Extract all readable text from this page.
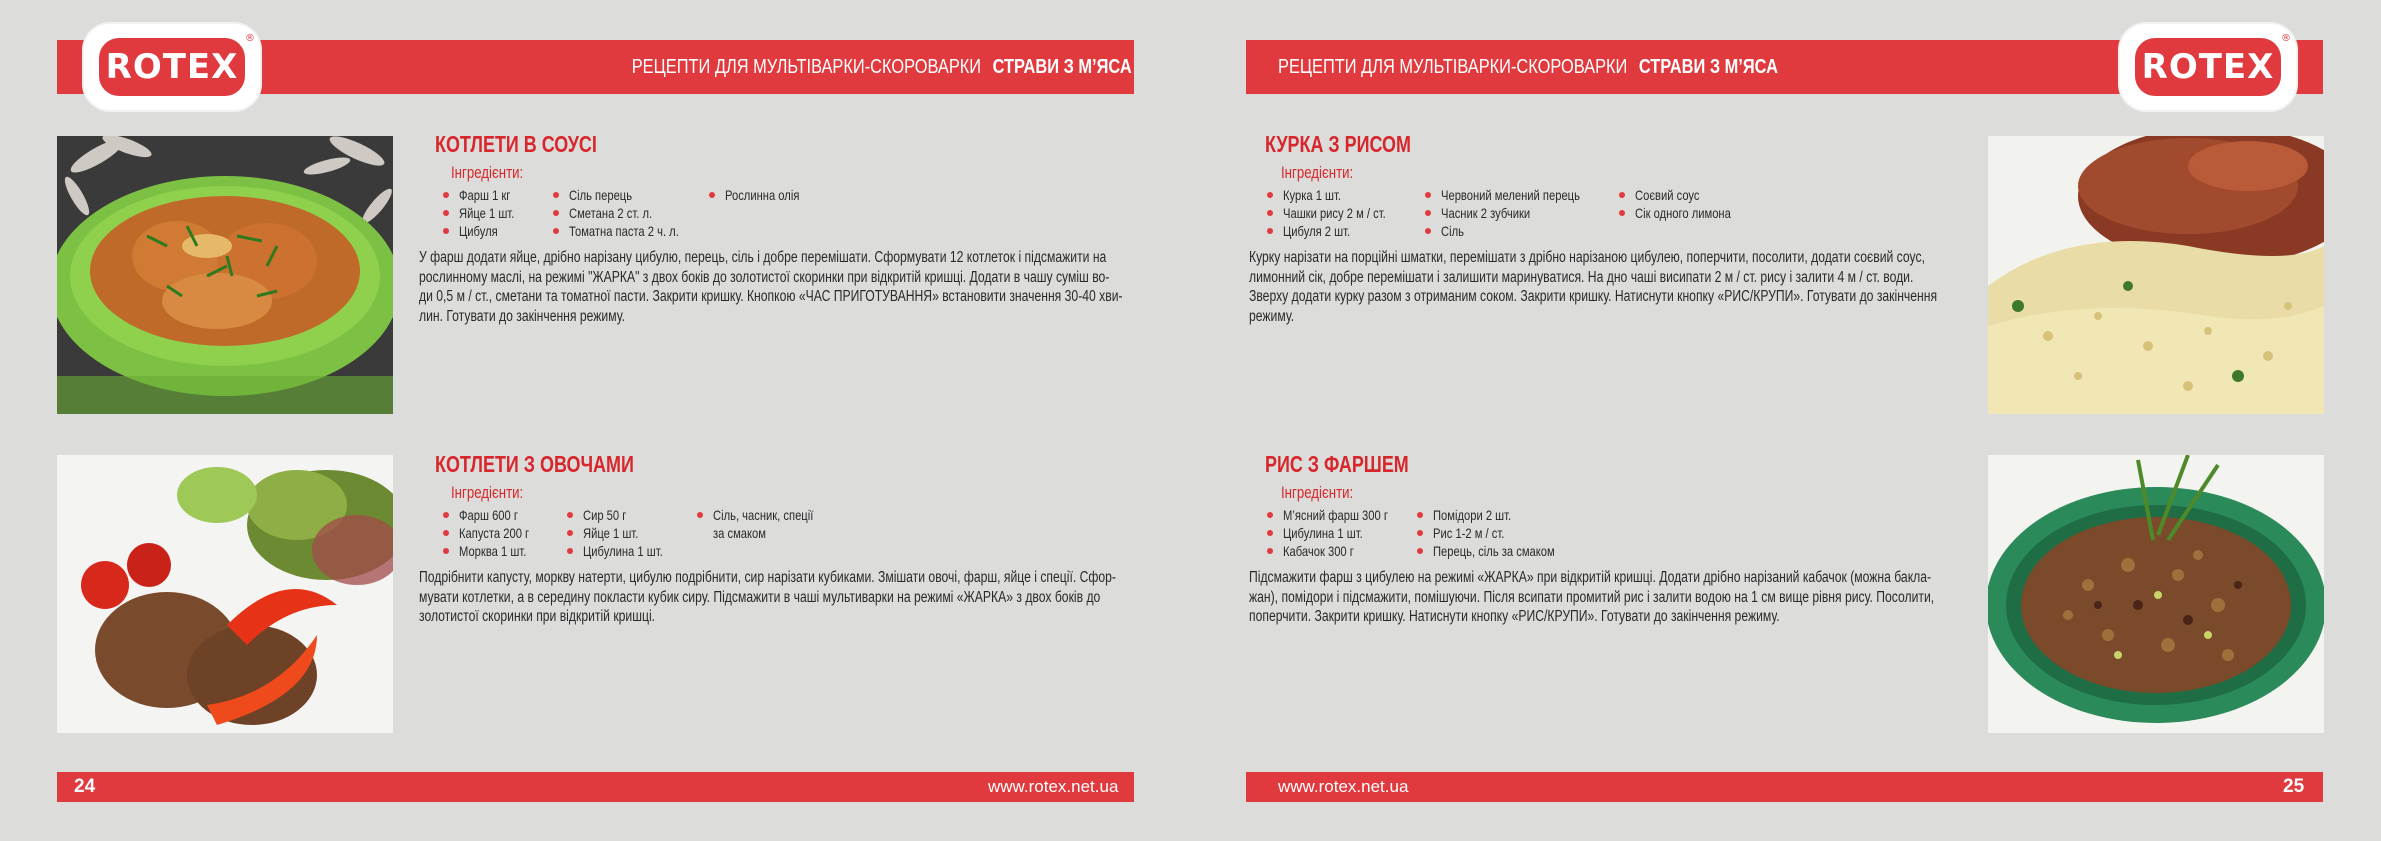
ROTEX
®
РЕЦЕПТИ ДЛЯ МУЛЬТІВАРКИ-СКОРОВАРКИ СТРАВИ З М’ЯСА
КОТЛЕТИ В СОУСІ
Інгредієнти:
Фарш 1 кг
Яйце 1 шт.
Цибуля
Сіль перець
Сметана 2 ст. л.
Томатна паста 2 ч. л.
Рослинна олія

У фарш додати яйце, дрібно нарізану цибулю, перець, сіль і добре перемішати. Сформувати 12 котлеток і підсмажити на

рослинному маслі, на режимі "ЖАРКА" з двох боків до золотистої скоринки при відкритій кришці. Додати в чашу суміш во-

ди 0,5 м / ст., сметани та томатної пасти. Закрити кришку. Кнопкою «ЧАС ПРИГОТУВАННЯ» встановити значення 30-40 хви-

лин. Готувати до закінчення режиму.

КОТЛЕТИ З ОВОЧАМИ
Інгредієнти:
Фарш 600 г
Капуста 200 г
Морква 1 шт.
Сир 50 г
Яйце 1 шт.
Цибулина 1 шт.
Сіль, часник, спеції
за смаком

Подрібнити капусту, моркву натерти, цибулю подрібнити, сир нарізати кубиками. Змішати овочі, фарш, яйце і спеції. Сфор-

мувати котлетки, а в середину покласти кубик сиру. Підсмажити в чаші мультиварки на режимі «ЖАРКА» з двох боків до

золотистої скоринки при відкритій кришці.

24	www.rotex.net.ua
ROTEX
®
РЕЦЕПТИ ДЛЯ МУЛЬТІВАРКИ-СКОРОВАРКИ СТРАВИ З М’ЯСА
КУРКА З РИСОМ
Інгредієнти:
Курка 1 шт.
Чашки рису 2 м / ст.
Цибуля 2 шт.
Червоний мелений перець
Часник 2 зубчики
Сіль
Соєвий соус
Сік одного лимона

Курку нарізати на порційні шматки, перемішати з дрібно нарізаною цибулею, поперчити, посолити, додати соєвий соус,

лимонний сік, добре перемішати і залишити маринуватися. На дно чаші висипати 2 м / ст. рису і залити 4 м / ст. води.

Зверху додати курку разом з отриманим соком. Закрити кришку. Натиснути кнопку «РИС/КРУПИ». Готувати до закінчення

режиму.

РИС З ФАРШЕМ
Інгредієнти:
М’ясний фарш 300 г
Цибулина 1 шт.
Кабачок 300 г
Помідори 2 шт.
Рис 1-2 м / ст.
Перець, сіль за смаком

Підсмажити фарш з цибулею на режимі «ЖАРКА» при відкритій кришці. Додати дрібно нарізаний кабачок (можна бакла-

жан), помідори і підсмажити, помішуючи. Після всипати промитий рис і залити водою на 1 см вище рівня рису. Посолити,

поперчити. Закрити кришку. Натиснути кнопку «РИС/КРУПИ». Готувати до закінчення режиму.

www.rotex.net.ua	25
